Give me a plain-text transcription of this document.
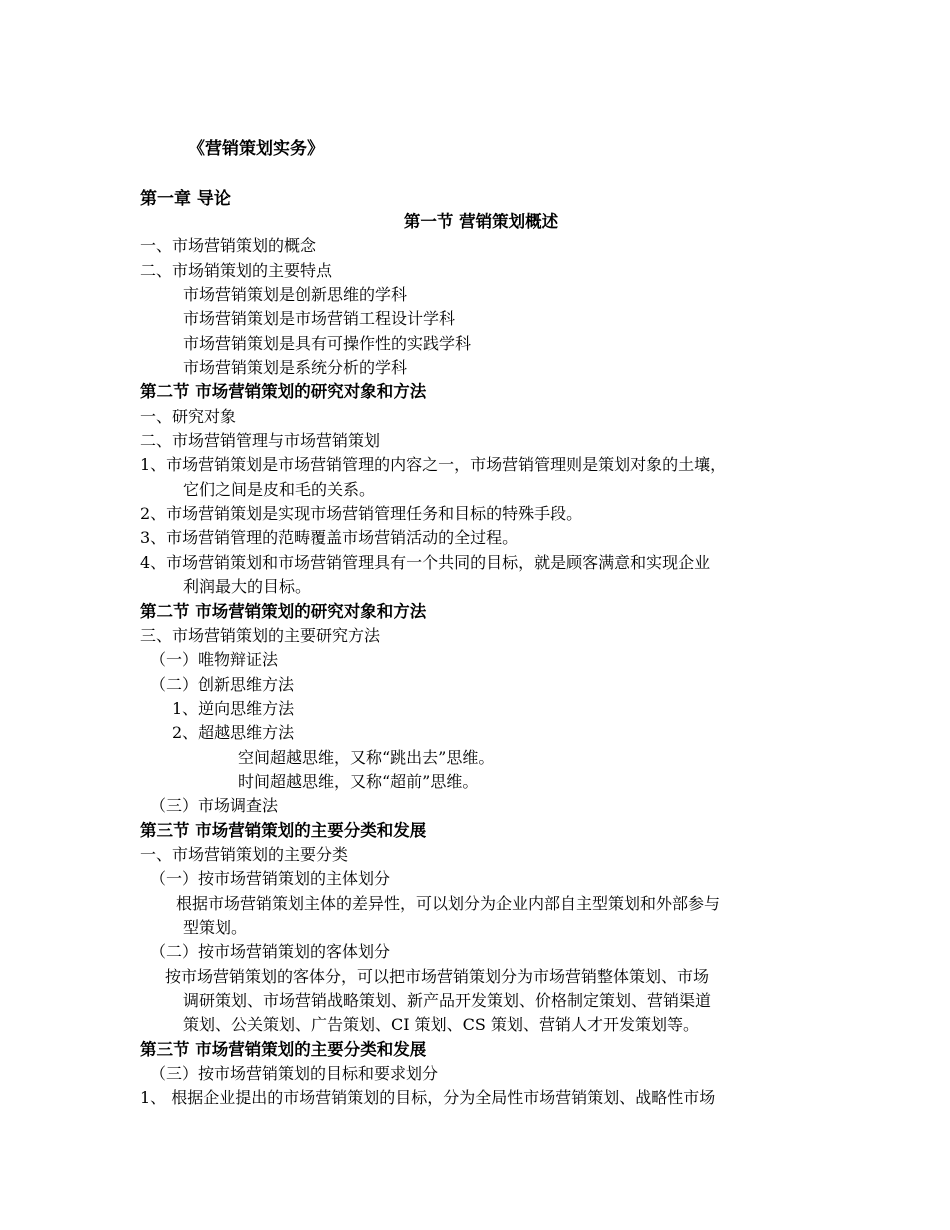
《营销策划实务》
第一章 导论
第一节 营销策划概述
一、市场营销策划的概念
二、市场销策划的主要特点
市场营销策划是创新思维的学科
市场营销策划是市场营销工程设计学科
市场营销策划是具有可操作性的实践学科
市场营销策划是系统分析的学科
第二节 市场营销策划的研究对象和方法
一、研究对象
二、市场营销管理与市场营销策划
1、市场营销策划是市场营销管理的内容之一，市场营销管理则是策划对象的土壤，
它们之间是皮和毛的关系。
2、市场营销策划是实现市场营销管理任务和目标的特殊手段。
3、市场营销管理的范畴覆盖市场营销活动的全过程。
4、市场营销策划和市场营销管理具有一个共同的目标，就是顾客满意和实现企业
利润最大的目标。
第二节 市场营销策划的研究对象和方法
三、市场营销策划的主要研究方法
（一）唯物辩证法
（二）创新思维方法
1、逆向思维方法
2、超越思维方法
空间超越思维，又称“跳出去”思维。
时间超越思维，又称“超前”思维。
（三）市场调查法
第三节 市场营销策划的主要分类和发展
一、市场营销策划的主要分类
（一）按市场营销策划的主体划分
根据市场营销策划主体的差异性，可以划分为企业内部自主型策划和外部参与
型策划。
（二）按市场营销策划的客体划分
按市场营销策划的客体分，可以把市场营销策划分为市场营销整体策划、市场
调研策划、市场营销战略策划、新产品开发策划、价格制定策划、营销渠道
策划、公关策划、广告策划、CI 策划、CS 策划、营销人才开发策划等。
第三节 市场营销策划的主要分类和发展
（三）按市场营销策划的目标和要求划分
1、 根据企业提出的市场营销策划的目标，分为全局性市场营销策划、战略性市场
